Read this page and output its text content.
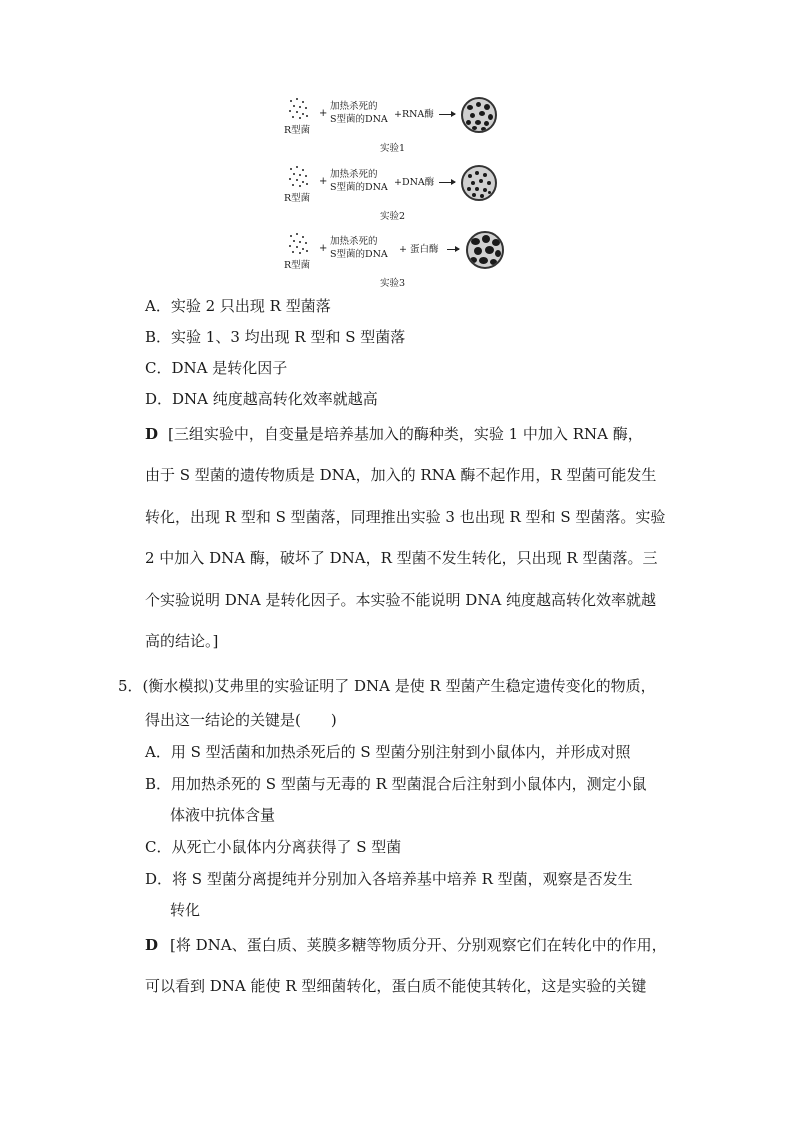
R型菌
+
加热杀死的
S型菌的DNA +RNA酶
实验1
R型菌
+
加热杀死的
S型菌的DNA +DNA酶
实验2
R型菌
+
加热杀死的
S型菌的DNA + 蛋白酶
实验3
A．实验 2 只出现 R 型菌落
B．实验 1、3 均出现 R 型和 S 型菌落
C．DNA 是转化因子
D．DNA 纯度越高转化效率就越高
D [三组实验中，自变量是培养基加入的酶种类，实验 1 中加入 RNA 酶，
由于 S 型菌的遗传物质是 DNA，加入的 RNA 酶不起作用，R 型菌可能发生
转化，出现 R 型和 S 型菌落，同理推出实验 3 也出现 R 型和 S 型菌落。实验
2 中加入 DNA 酶，破坏了 DNA，R 型菌不发生转化，只出现 R 型菌落。三
个实验说明 DNA 是转化因子。本实验不能说明 DNA 纯度越高转化效率就越
高的结论。]
5．(衡水模拟)艾弗里的实验证明了 DNA 是使 R 型菌产生稳定遗传变化的物质，
得出这一结论的关键是(　　)
A．用 S 型活菌和加热杀死后的 S 型菌分别注射到小鼠体内，并形成对照
B．用加热杀死的 S 型菌与无毒的 R 型菌混合后注射到小鼠体内，测定小鼠
体液中抗体含量
C．从死亡小鼠体内分离获得了 S 型菌
D．将 S 型菌分离提纯并分别加入各培养基中培养 R 型菌，观察是否发生
转化
D [将 DNA、蛋白质、荚膜多糖等物质分开、分别观察它们在转化中的作用，
可以看到 DNA 能使 R 型细菌转化，蛋白质不能使其转化，这是实验的关键
